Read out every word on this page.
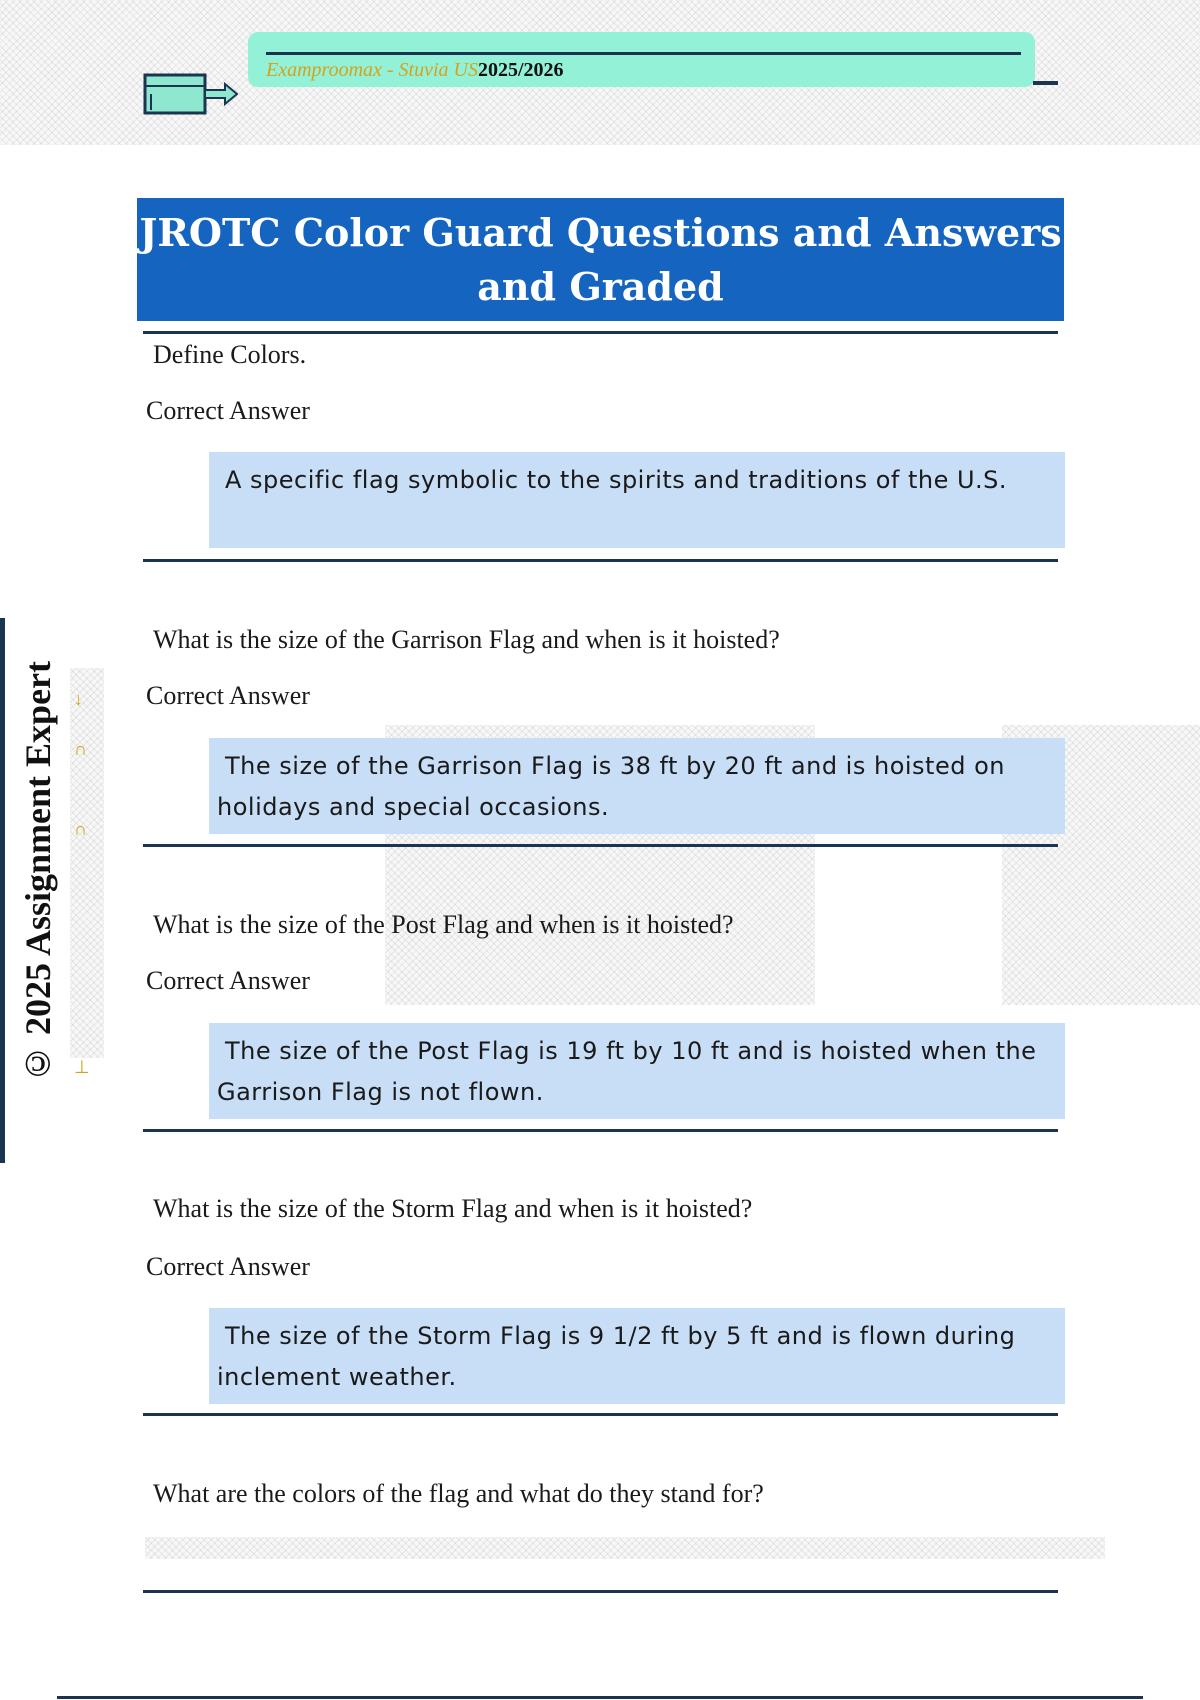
Examproomax - Stuvia US2025/2026
© 2025 Assignment Expert ⊥
∩
∩
↓
JROTC Color Guard Questions and Answers and Graded
Define Colors.
Correct Answer
A specific flag symbolic to the spirits and traditions of the U.S.
What is the size of the Garrison Flag and when is it hoisted?
Correct Answer
The size of the Garrison Flag is 38 ft by 20 ft and is hoisted on holidays and special occasions.
What is the size of the Post Flag and when is it hoisted?
Correct Answer
The size of the Post Flag is 19 ft by 10 ft and is hoisted when the Garrison Flag is not flown.
What is the size of the Storm Flag and when is it hoisted?
Correct Answer
The size of the Storm Flag is 9 1/2 ft by 5 ft and is flown during inclement weather.
What are the colors of the flag and what do they stand for?
